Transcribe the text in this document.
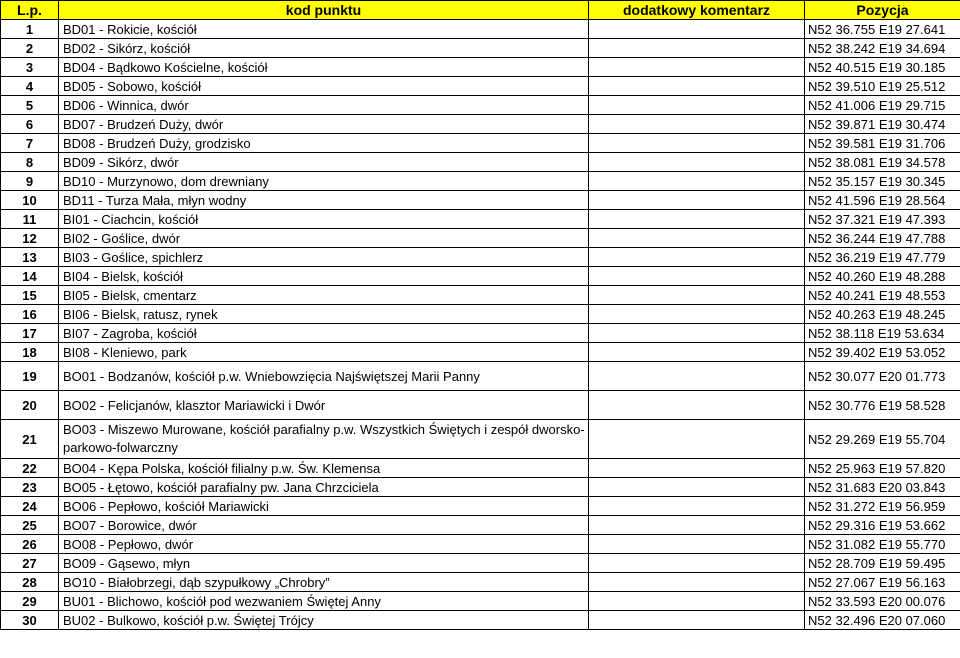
L.p.	kod punktu	dodatkowy komentarz	Pozycja
1	BD01 - Rokicie, kościół		N52 36.755 E19 27.641
2	BD02 - Sikórz, kościół		N52 38.242 E19 34.694
3	BD04 - Bądkowo Kościelne, kościół		N52 40.515 E19 30.185
4	BD05 - Sobowo, kościół		N52 39.510 E19 25.512
5	BD06 - Winnica, dwór		N52 41.006 E19 29.715
6	BD07 - Brudzeń Duży, dwór		N52 39.871 E19 30.474
7	BD08 - Brudzeń Duży, grodzisko		N52 39.581 E19 31.706
8	BD09 - Sikórz, dwór		N52 38.081 E19 34.578
9	BD10 - Murzynowo, dom drewniany		N52 35.157 E19 30.345
10	BD11 - Turza Mała, młyn wodny		N52 41.596 E19 28.564
11	BI01 - Ciachcin, kościół		N52 37.321 E19 47.393
12	BI02 - Goślice, dwór		N52 36.244 E19 47.788
13	BI03 - Goślice, spichlerz		N52 36.219 E19 47.779
14	BI04 - Bielsk, kościół		N52 40.260 E19 48.288
15	BI05 - Bielsk, cmentarz		N52 40.241 E19 48.553
16	BI06 - Bielsk, ratusz, rynek		N52 40.263 E19 48.245
17	BI07 - Zagroba, kościół		N52 38.118 E19 53.634
18	BI08 - Kleniewo, park		N52 39.402 E19 53.052
19	BO01 - Bodzanów, kościół p.w. Wniebowzięcia Najświętszej Marii Panny		N52 30.077 E20 01.773
20	BO02 - Felicjanów, klasztor Mariawicki i Dwór		N52 30.776 E19 58.528
21	BO03 - Miszewo Murowane, kościół parafialny p.w. Wszystkich Świętych i zespół dworsko-parkowo-folwarczny		N52 29.269 E19 55.704
22	BO04 - Kępa Polska, kościół filialny p.w. Św. Klemensa		N52 25.963 E19 57.820
23	BO05 - Łętowo, kościół parafialny pw. Jana Chrzciciela		N52 31.683 E20 03.843
24	BO06 - Pepłowo, kościół Mariawicki		N52 31.272 E19 56.959
25	BO07 - Borowice, dwór		N52 29.316 E19 53.662
26	BO08 - Pepłowo, dwór		N52 31.082 E19 55.770
27	BO09 - Gąsewo, młyn		N52 28.709 E19 59.495
28	BO10 - Białobrzegi, dąb szypułkowy „Chrobry”		N52 27.067 E19 56.163
29	BU01 - Blichowo, kościół pod wezwaniem Świętej Anny		N52 33.593 E20 00.076
30	BU02 - Bulkowo, kościół p.w. Świętej Trójcy		N52 32.496 E20 07.060
